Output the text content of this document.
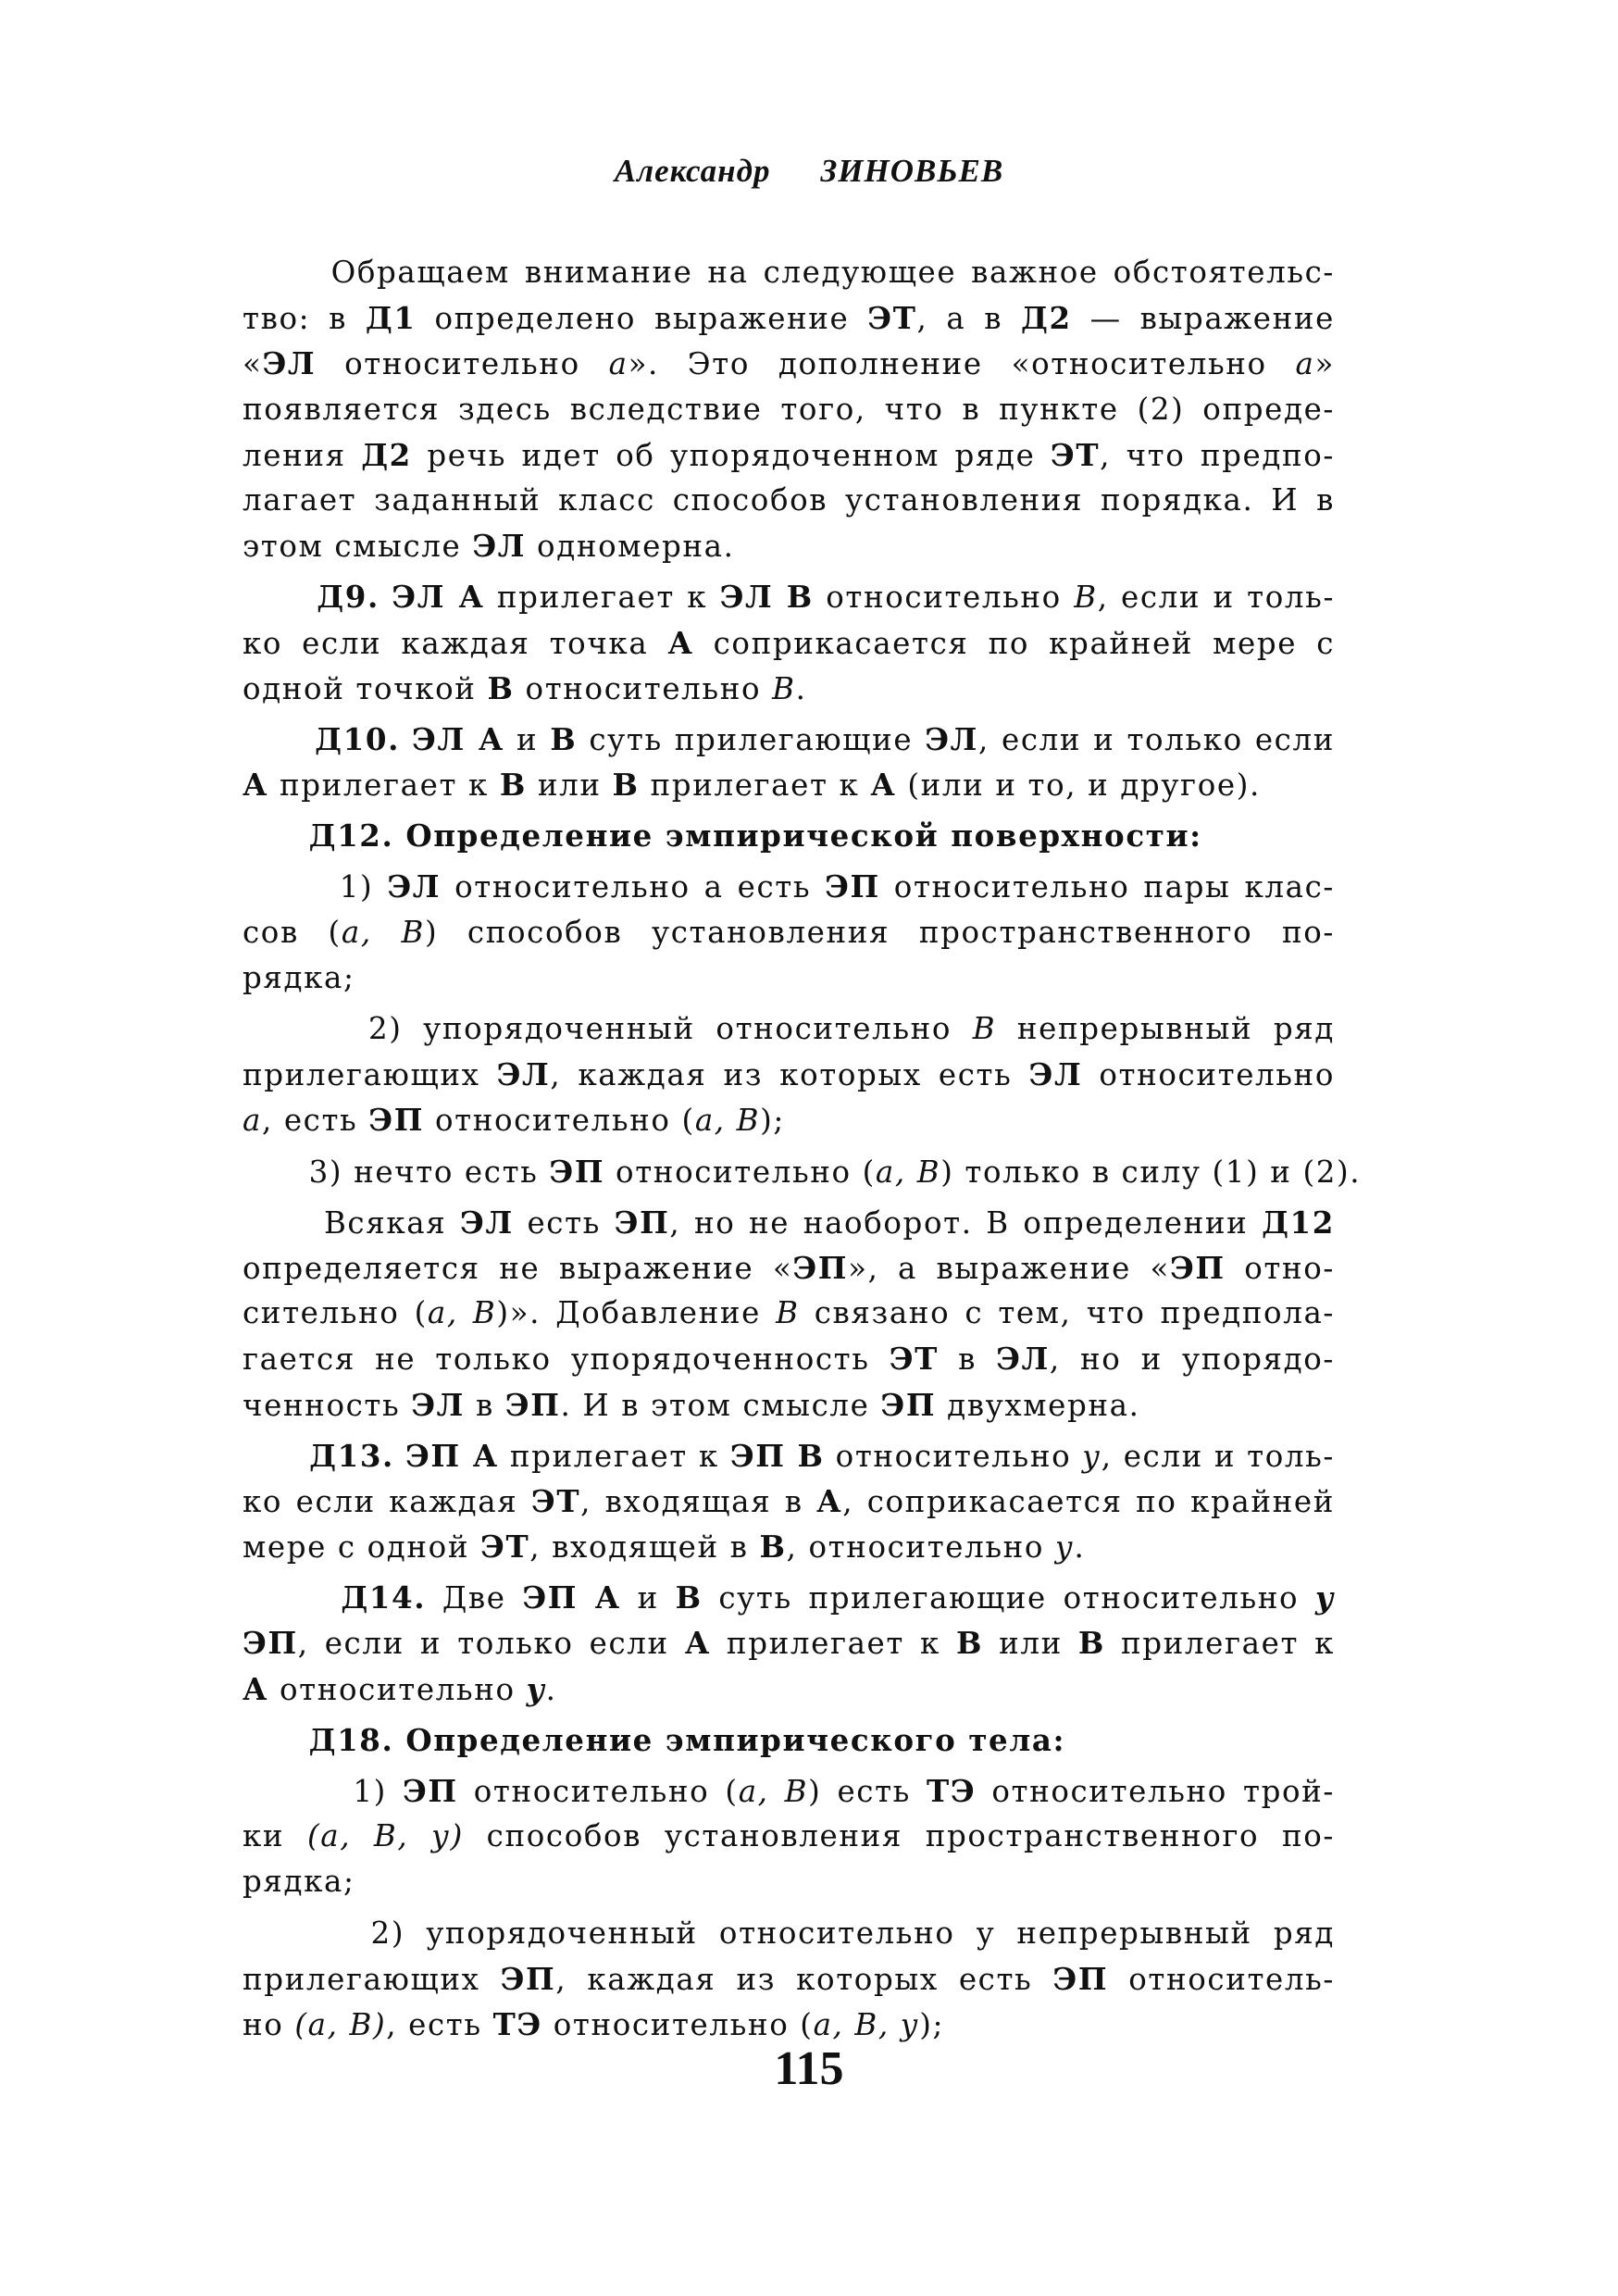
Александр ЗИНОВЬЕВ
Обращаем внимание на следующее важное обстоятельс-
тво: в Д1 определено выражение ЭТ, а в Д2 — выражение
«ЭЛ относительно а». Это дополнение «относительно а»
появляется здесь вследствие того, что в пункте (2) опреде-
ления Д2 речь идет об упорядоченном ряде ЭТ, что предпо-
лагает заданный класс способов установления порядка. И в
этом смысле ЭЛ одномерна.
Д9. ЭЛ А прилегает к ЭЛ В относительно В, если и толь-
ко если каждая точка А соприкасается по крайней мере с
одной точкой В относительно В.
Д10. ЭЛ А и В суть прилегающие ЭЛ, если и только если
А прилегает к В или В прилегает к А (или и то, и другое).
Д12. Определение эмпирической поверхности:
1) ЭЛ относительно а есть ЭП относительно пары клас-
сов (а, В) способов установления пространственного по-
рядка;
2) упорядоченный относительно В непрерывный ряд
прилегающих ЭЛ, каждая из которых есть ЭЛ относительно
а, есть ЭП относительно (а, В);
3) нечто есть ЭП относительно (а, В) только в силу (1) и (2).
Всякая ЭЛ есть ЭП, но не наоборот. В определении Д12
определяется не выражение «ЭП», а выражение «ЭП отно-
сительно (а, В)». Добавление В связано с тем, что предпола-
гается не только упорядоченность ЭТ в ЭЛ, но и упорядо-
ченность ЭЛ в ЭП. И в этом смысле ЭП двухмерна.
Д13. ЭП А прилегает к ЭП В относительно у, если и толь-
ко если каждая ЭТ, входящая в А, соприкасается по крайней
мере с одной ЭТ, входящей в В, относительно у.
Д14. Две ЭП А и В суть прилегающие относительно у
ЭП, если и только если А прилегает к В или В прилегает к
А относительно у.
Д18. Определение эмпирического тела:
1) ЭП относительно (а, В) есть ТЭ относительно трой-
ки (а, В, у) способов установления пространственного по-
рядка;
2) упорядоченный относительно у непрерывный ряд
прилегающих ЭП, каждая из которых есть ЭП относитель-
но (а, В), есть ТЭ относительно (а, В, у);
115
